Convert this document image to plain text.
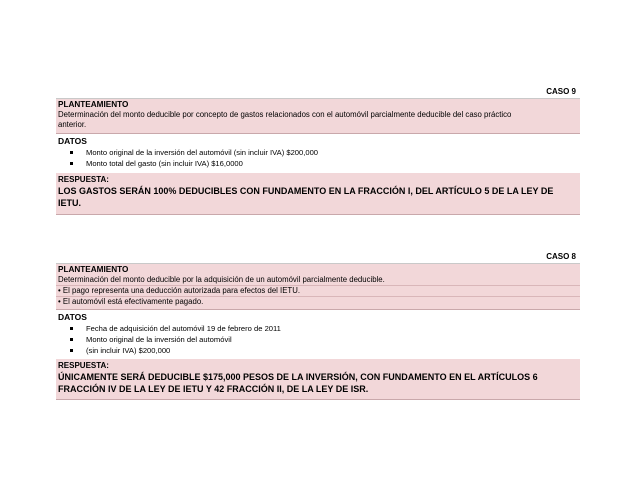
CASO 9
PLANTEAMIENTO
Determinación del monto deducible por concepto de gastos relacionados con el automóvil parcialmente deducible del caso práctico
anterior.
DATOS
Monto original de la inversión del automóvil (sin incluir IVA) $200,000
Monto total del gasto (sin incluir IVA) $16,0000
RESPUESTA:
LOS GASTOS SERÁN 100% DEDUCIBLES CON FUNDAMENTO EN LA FRACCIÓN I, DEL ARTÍCULO 5 DE LA LEY DE IETU.
CASO 8
PLANTEAMIENTO
Determinación del monto deducible por la adquisición de un automóvil parcialmente deducible.
• El pago representa una deducción autorizada para efectos del IETU.
• El automóvil está efectivamente pagado.
DATOS
Fecha de adquisición del automóvil 19 de febrero de 2011
Monto original de la inversión del automóvil
(sin incluir IVA) $200,000
RESPUESTA:
ÚNICAMENTE SERÁ DEDUCIBLE $175,000 PESOS DE LA INVERSIÓN, CON FUNDAMENTO EN EL ARTÍCULOS 6
FRACCIÓN IV DE LA LEY DE IETU Y 42 FRACCIÓN II, DE LA LEY DE ISR.
